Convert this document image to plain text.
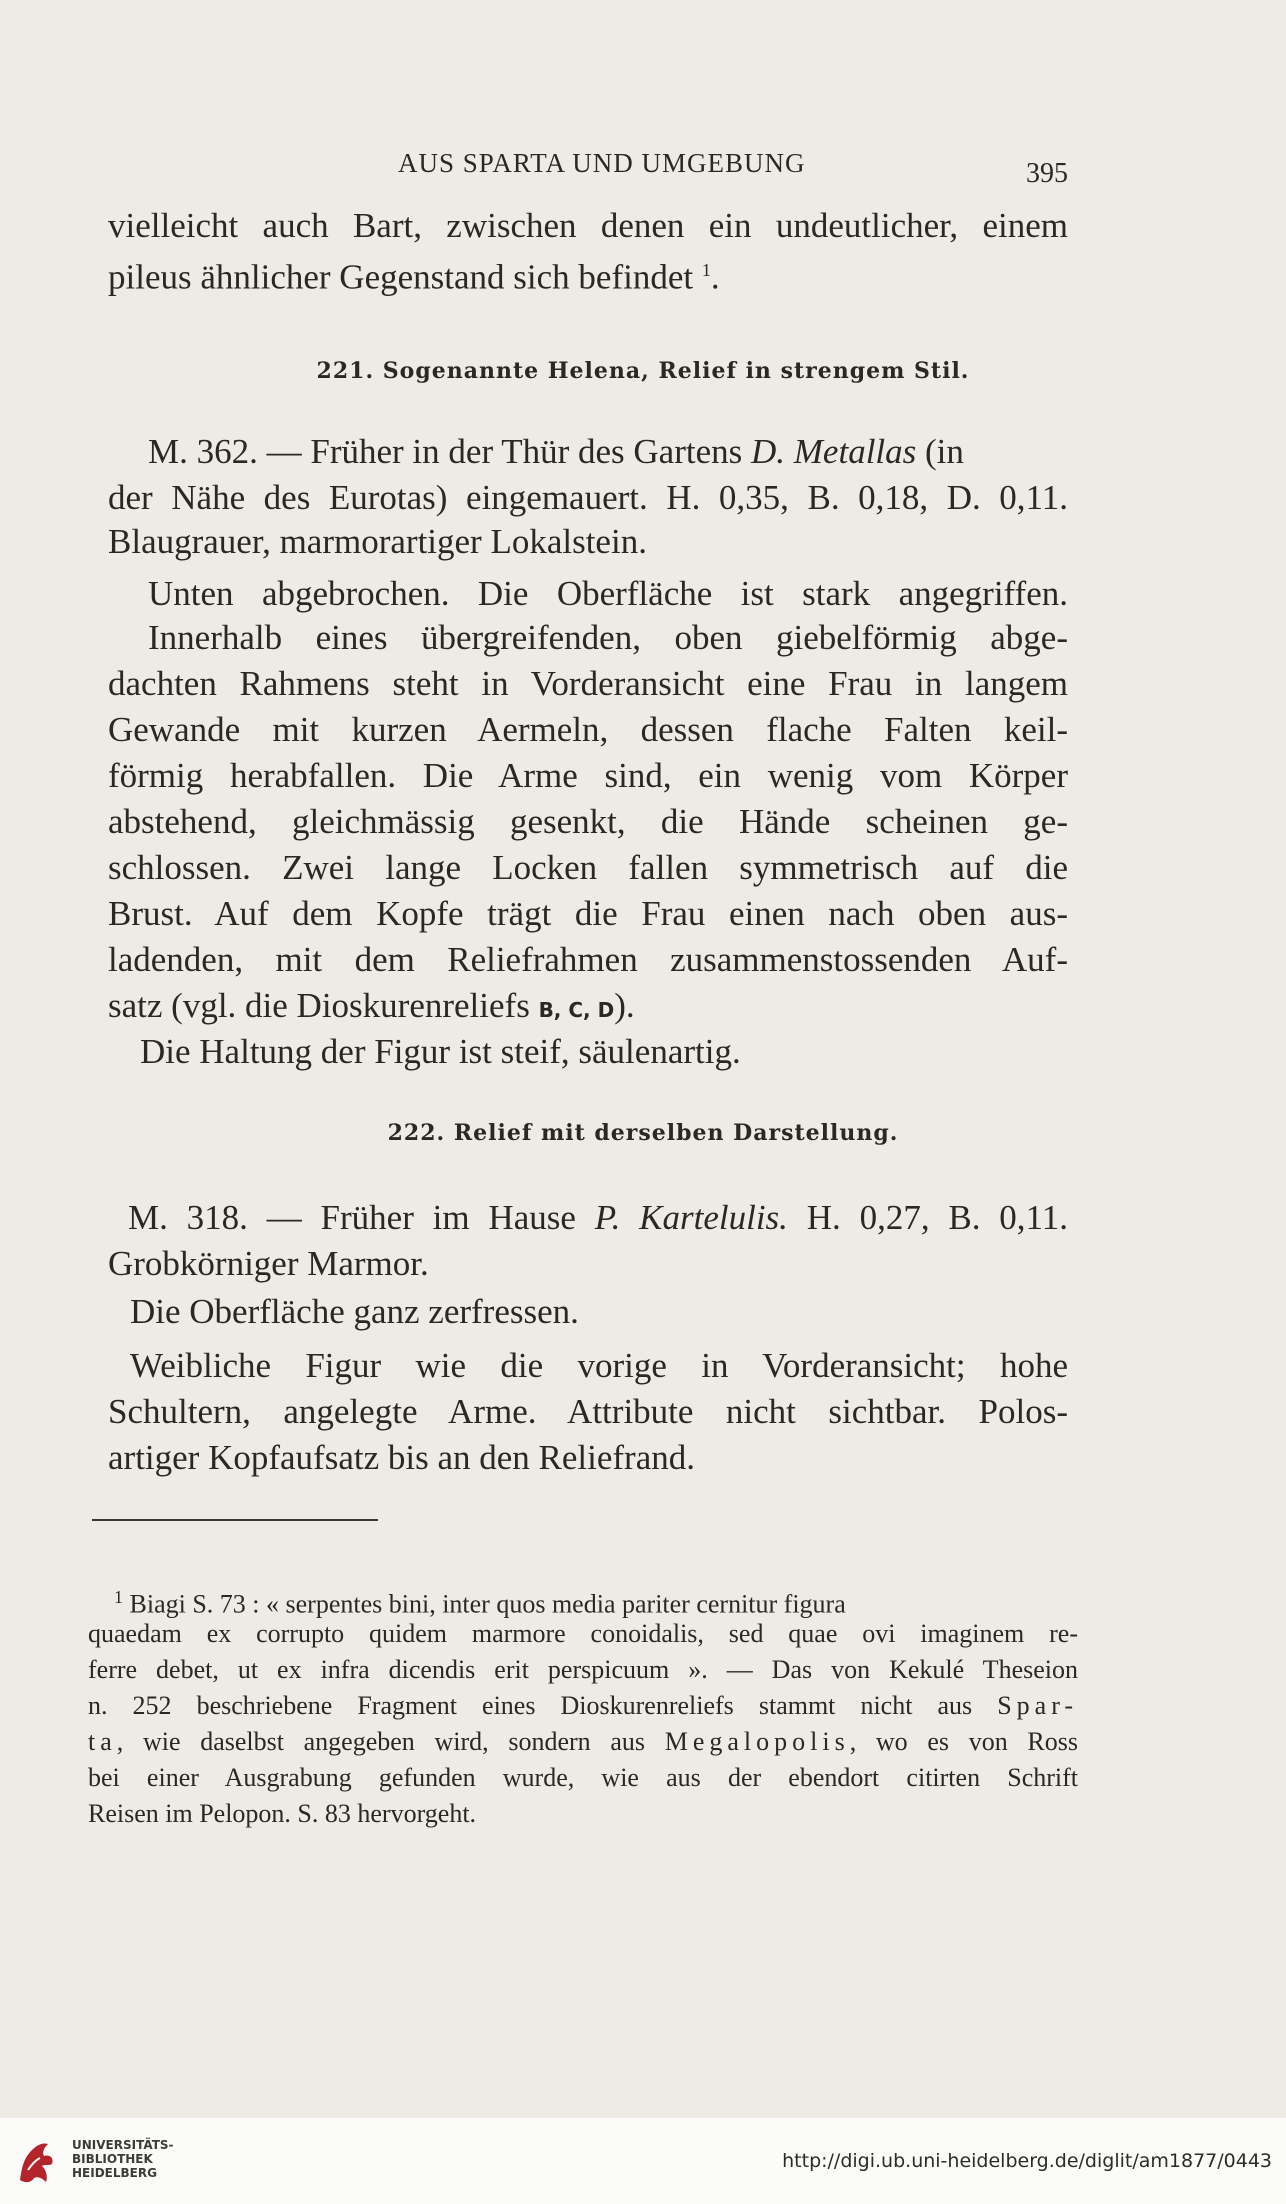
AUS SPARTA UND UMGEBUNG	395
vielleicht auch Bart, zwischen denen ein undeutlicher, einem
pileus ähnlicher Gegenstand sich befindet $^1$.
221. Sogenannte Helena, Relief in strengem Stil.
M. 362. — Früher in der Thür des Gartens D. Metallas (in
der Nähe des Eurotas) eingemauert. H. 0,35, B. 0,18, D. 0,11.
Blaugrauer, marmorartiger Lokalstein.
Unten abgebrochen. Die Oberfläche ist stark angegriffen.
Innerhalb eines übergreifenden, oben giebelförmig abge-
dachten Rahmens steht in Vorderansicht eine Frau in langem
Gewande mit kurzen Aermeln, dessen flache Falten keil-
förmig herabfallen. Die Arme sind, ein wenig vom Körper
abstehend, gleichmässig gesenkt, die Hände scheinen ge-
schlossen. Zwei lange Locken fallen symmetrisch auf die
Brust. Auf dem Kopfe trägt die Frau einen nach oben aus-
ladenden, mit dem Reliefrahmen zusammenstossenden Auf-
satz (vgl. die Dioskurenreliefs B, C, D).
Die Haltung der Figur ist steif, säulenartig.
222. Relief mit derselben Darstellung.
M. 318. — Früher im Hause P. Kartelulis. H. 0,27, B. 0,11.
Grobkörniger Marmor.
Die Oberfläche ganz zerfressen.
Weibliche Figur wie die vorige in Vorderansicht; hohe
Schultern, angelegte Arme. Attribute nicht sichtbar. Polos-
artiger Kopfaufsatz bis an den Reliefrand.
$^1$ Biagi S. 73 : « serpentes bini, inter quos media pariter cernitur figura
quaedam ex corrupto quidem marmore conoidalis, sed quae ovi imaginem re-
ferre debet, ut ex infra dicendis erit perspicuum ». — Das von Kekulé Theseion
n. 252 beschriebene Fragment eines Dioskurenreliefs stammt nicht aus Spar-
ta, wie daselbst angegeben wird, sondern aus Megalopolis, wo es von Ross
bei einer Ausgrabung gefunden wurde, wie aus der ebendort citirten Schrift
Reisen im Pelopon. S. 83 hervorgeht.
UNIVERSITÄTS-
BIBLIOTHEK
HEIDELBERG
http://digi.ub.uni-heidelberg.de/diglit/am1877/0443
